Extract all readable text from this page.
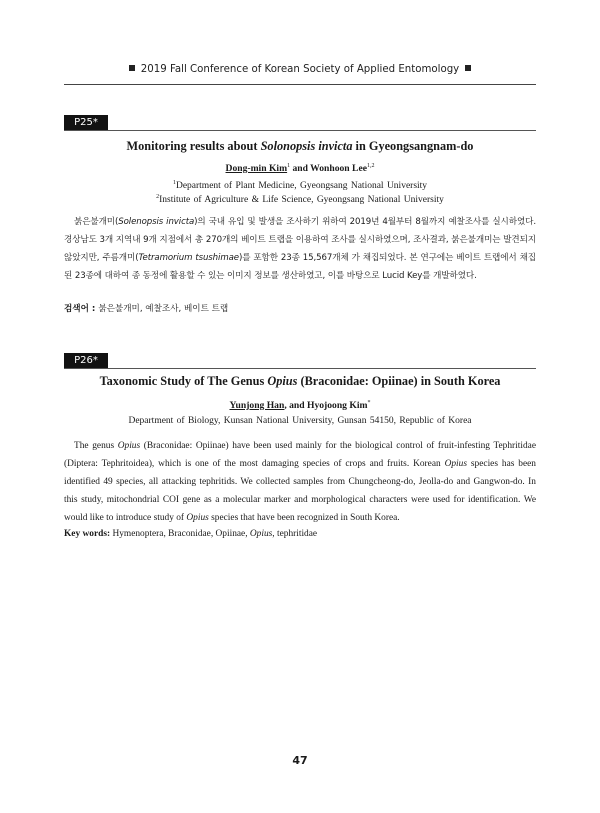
2019 Fall Conference of Korean Society of Applied Entomology
P25*
Monitoring results about Solonopsis invicta in Gyeongsangnam-do
Dong-min Kim$^1$ and Wonhoon Lee$^{1,2}$
$^1$Department of Plant Medicine, Gyeongsang National University
$^2$Institute of Agriculture & Life Science, Gyeongsang National University

붉은불개미(Solenopsis invicta)의 국내 유입 및 발생을 조사하기 위하여 2019년 4월부터 8월까지 예찰조사를 실시하였다. 경상남도 3개 지역내 9개 지점에서 총 270개의 베이트 트랩을 이용하여 조사를 실시하였으며, 조사결과, 붉은불개미는 발견되지 않았지만, 주름개미(Tetramorium tsushimae)를 포함한 23종 15,567개체 가 채집되었다. 본 연구에는 베이트 트랩에서 채집된 23종에 대하여 종 동정에 활용할 수 있는 이미지 정보를 생산하였고, 이를 바탕으로 Lucid Key를 개발하였다.

검색어 : 붉은불개미, 예찰조사, 베이트 트랩
P26*
Taxonomic Study of The Genus Opius (Braconidae: Opiinae) in South Korea
Yunjong Han, and Hyojoong Kim*
Department of Biology, Kunsan National University, Gunsan 54150, Republic of Korea

The genus Opius (Braconidae: Opiinae) have been used mainly for the biological control of fruit-infesting Tephritidae (Diptera: Tephritoidea), which is one of the most damaging species of crops and fruits. Korean Opius species has been identified 49 species, all attacking tephritids. We collected samples from Chungcheong-do, Jeolla-do and Gangwon-do. In this study, mitochondrial COI gene as a molecular marker and morphological characters were used for identification. We would like to introduce study of Opius species that have been recognized in South Korea.

Key words: Hymenoptera, Braconidae, Opiinae, Opius, tephritidae
47
